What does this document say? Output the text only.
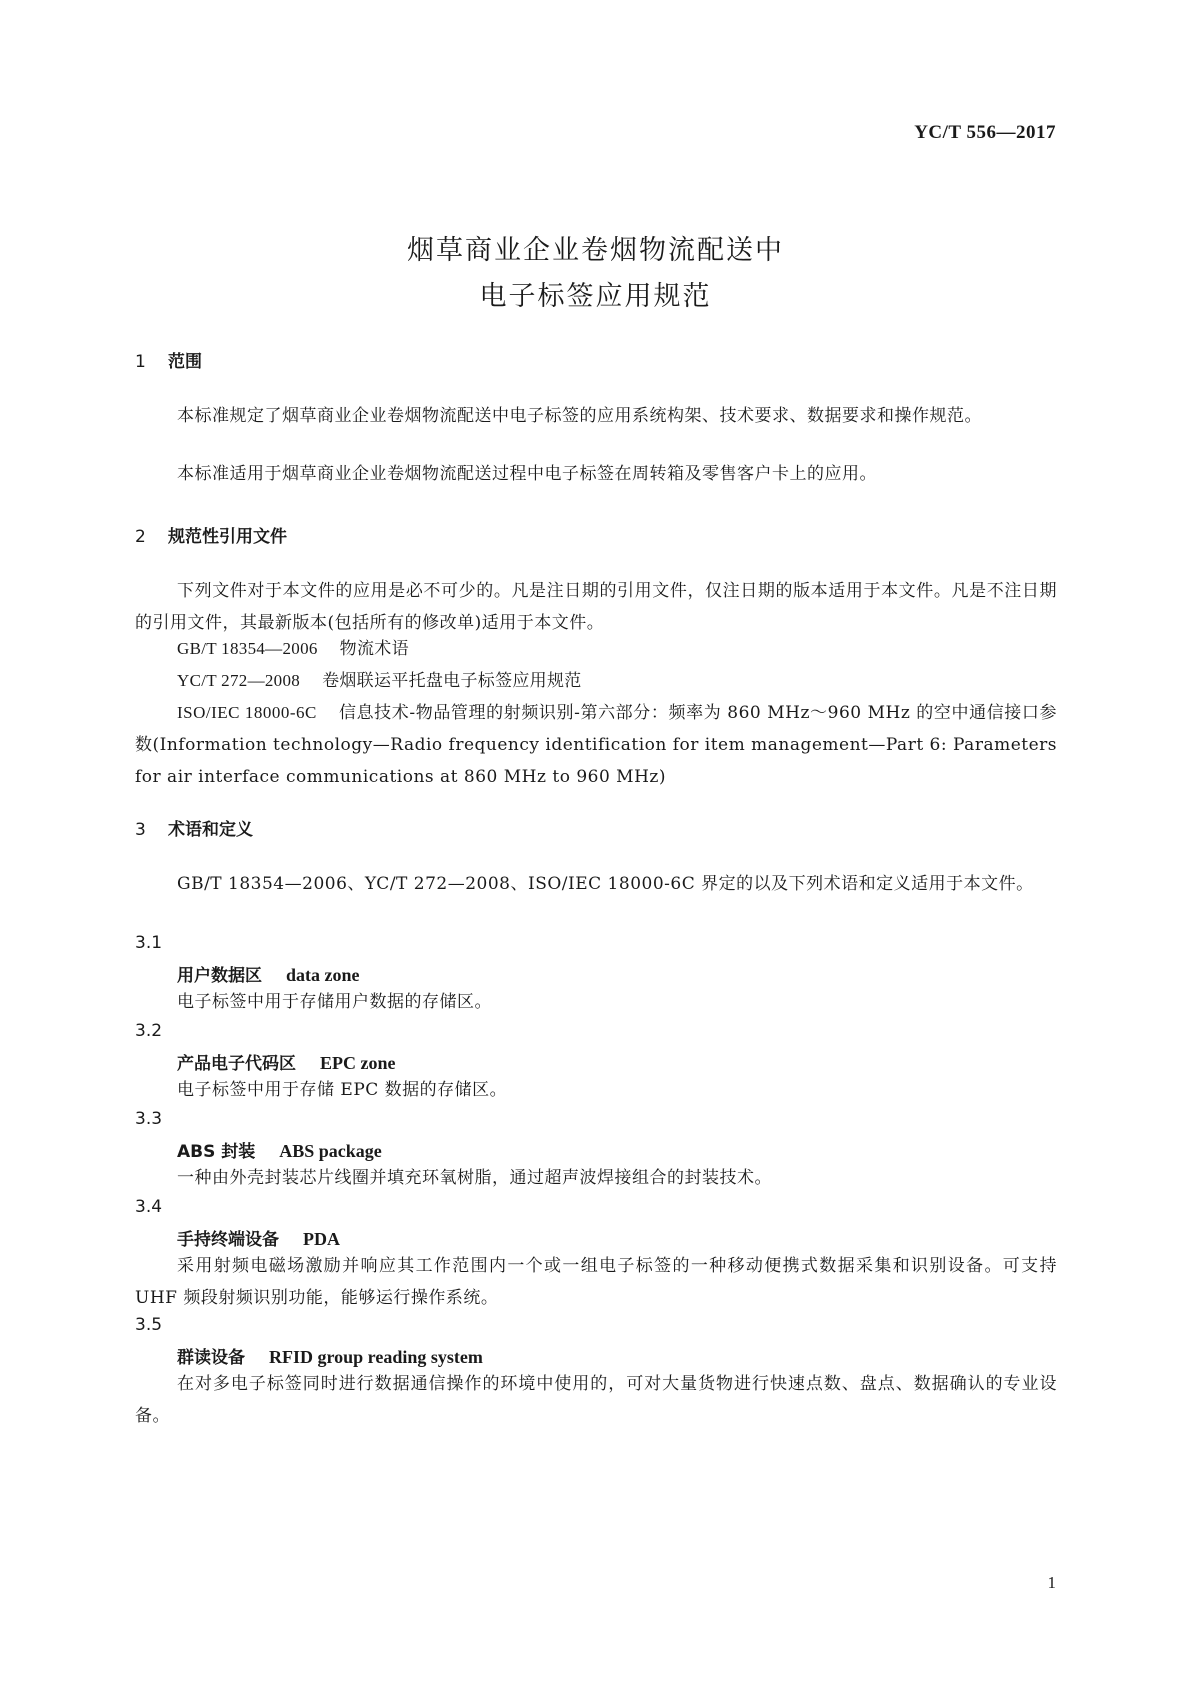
YC/T 556—2017
烟草商业企业卷烟物流配送中
电子标签应用规范
1 范围
本标准规定了烟草商业企业卷烟物流配送中电子标签的应用系统构架、技术要求、数据要求和操作规范。
本标准适用于烟草商业企业卷烟物流配送过程中电子标签在周转箱及零售客户卡上的应用。
2 规范性引用文件
下列文件对于本文件的应用是必不可少的。凡是注日期的引用文件，仅注日期的版本适用于本文件。凡是不注日期的引用文件，其最新版本(包括所有的修改单)适用于本文件。
GB/T 18354—2006 物流术语
YC/T 272—2008 卷烟联运平托盘电子标签应用规范
ISO/IEC 18000-6C 信息技术-物品管理的射频识别-第六部分：频率为 860 MHz～960 MHz 的空中通信接口参数(Information technology—Radio frequency identification for item management—Part 6: Parameters for air interface communications at 860 MHz to 960 MHz)
3 术语和定义
GB/T 18354—2006、YC/T 272—2008、ISO/IEC 18000-6C 界定的以及下列术语和定义适用于本文件。
3.1
用户数据区 data zone
电子标签中用于存储用户数据的存储区。
3.2
产品电子代码区 EPC zone
电子标签中用于存储 EPC 数据的存储区。
3.3
ABS 封装 ABS package
一种由外壳封装芯片线圈并填充环氧树脂，通过超声波焊接组合的封装技术。
3.4
手持终端设备 PDA
采用射频电磁场激励并响应其工作范围内一个或一组电子标签的一种移动便携式数据采集和识别设备。可支持 UHF 频段射频识别功能，能够运行操作系统。
3.5
群读设备 RFID group reading system
在对多电子标签同时进行数据通信操作的环境中使用的，可对大量货物进行快速点数、盘点、数据确认的专业设备。
1
